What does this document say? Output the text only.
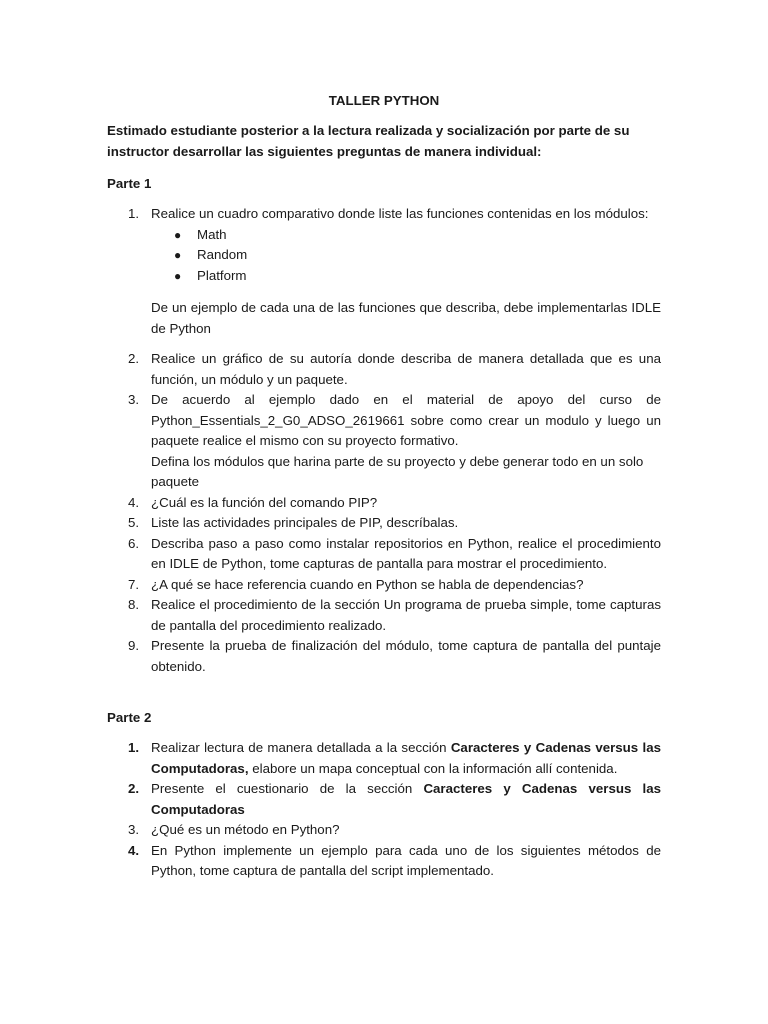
TALLER PYTHON
Estimado estudiante posterior a la lectura realizada y socialización por parte de su instructor desarrollar las siguientes preguntas de manera individual:
Parte 1
1. Realice un cuadro comparativo donde liste las funciones contenidas en los módulos:
● Math
● Random
● Platform
De un ejemplo de cada una de las funciones que describa, debe implementarlas IDLE de Python
2. Realice un gráfico de su autoría donde describa de manera detallada que es una función, un módulo y un paquete.
3. De acuerdo al ejemplo dado en el material de apoyo del curso de Python_Essentials_2_G0_ADSO_2619661 sobre como crear un modulo y luego un paquete realice el mismo con su proyecto formativo.
Defina los módulos que harina parte de su proyecto y debe generar todo en un solo paquete
4. ¿Cuál es la función del comando PIP?
5. Liste las actividades principales de PIP, descríbalas.
6. Describa paso a paso como instalar repositorios en Python, realice el procedimiento en IDLE de Python, tome capturas de pantalla para mostrar el procedimiento.
7. ¿A qué se hace referencia cuando en Python se habla de dependencias?
8. Realice el procedimiento de la sección Un programa de prueba simple, tome capturas de pantalla del procedimiento realizado.
9. Presente la prueba de finalización del módulo, tome captura de pantalla del puntaje obtenido.
Parte 2
1. Realizar lectura de manera detallada a la sección Caracteres y Cadenas versus las Computadoras, elabore un mapa conceptual con la información allí contenida.
2. Presente el cuestionario de la sección Caracteres y Cadenas versus las Computadoras
3. ¿Qué es un método en Python?
4. En Python implemente un ejemplo para cada uno de los siguientes métodos de Python, tome captura de pantalla del script implementado.
